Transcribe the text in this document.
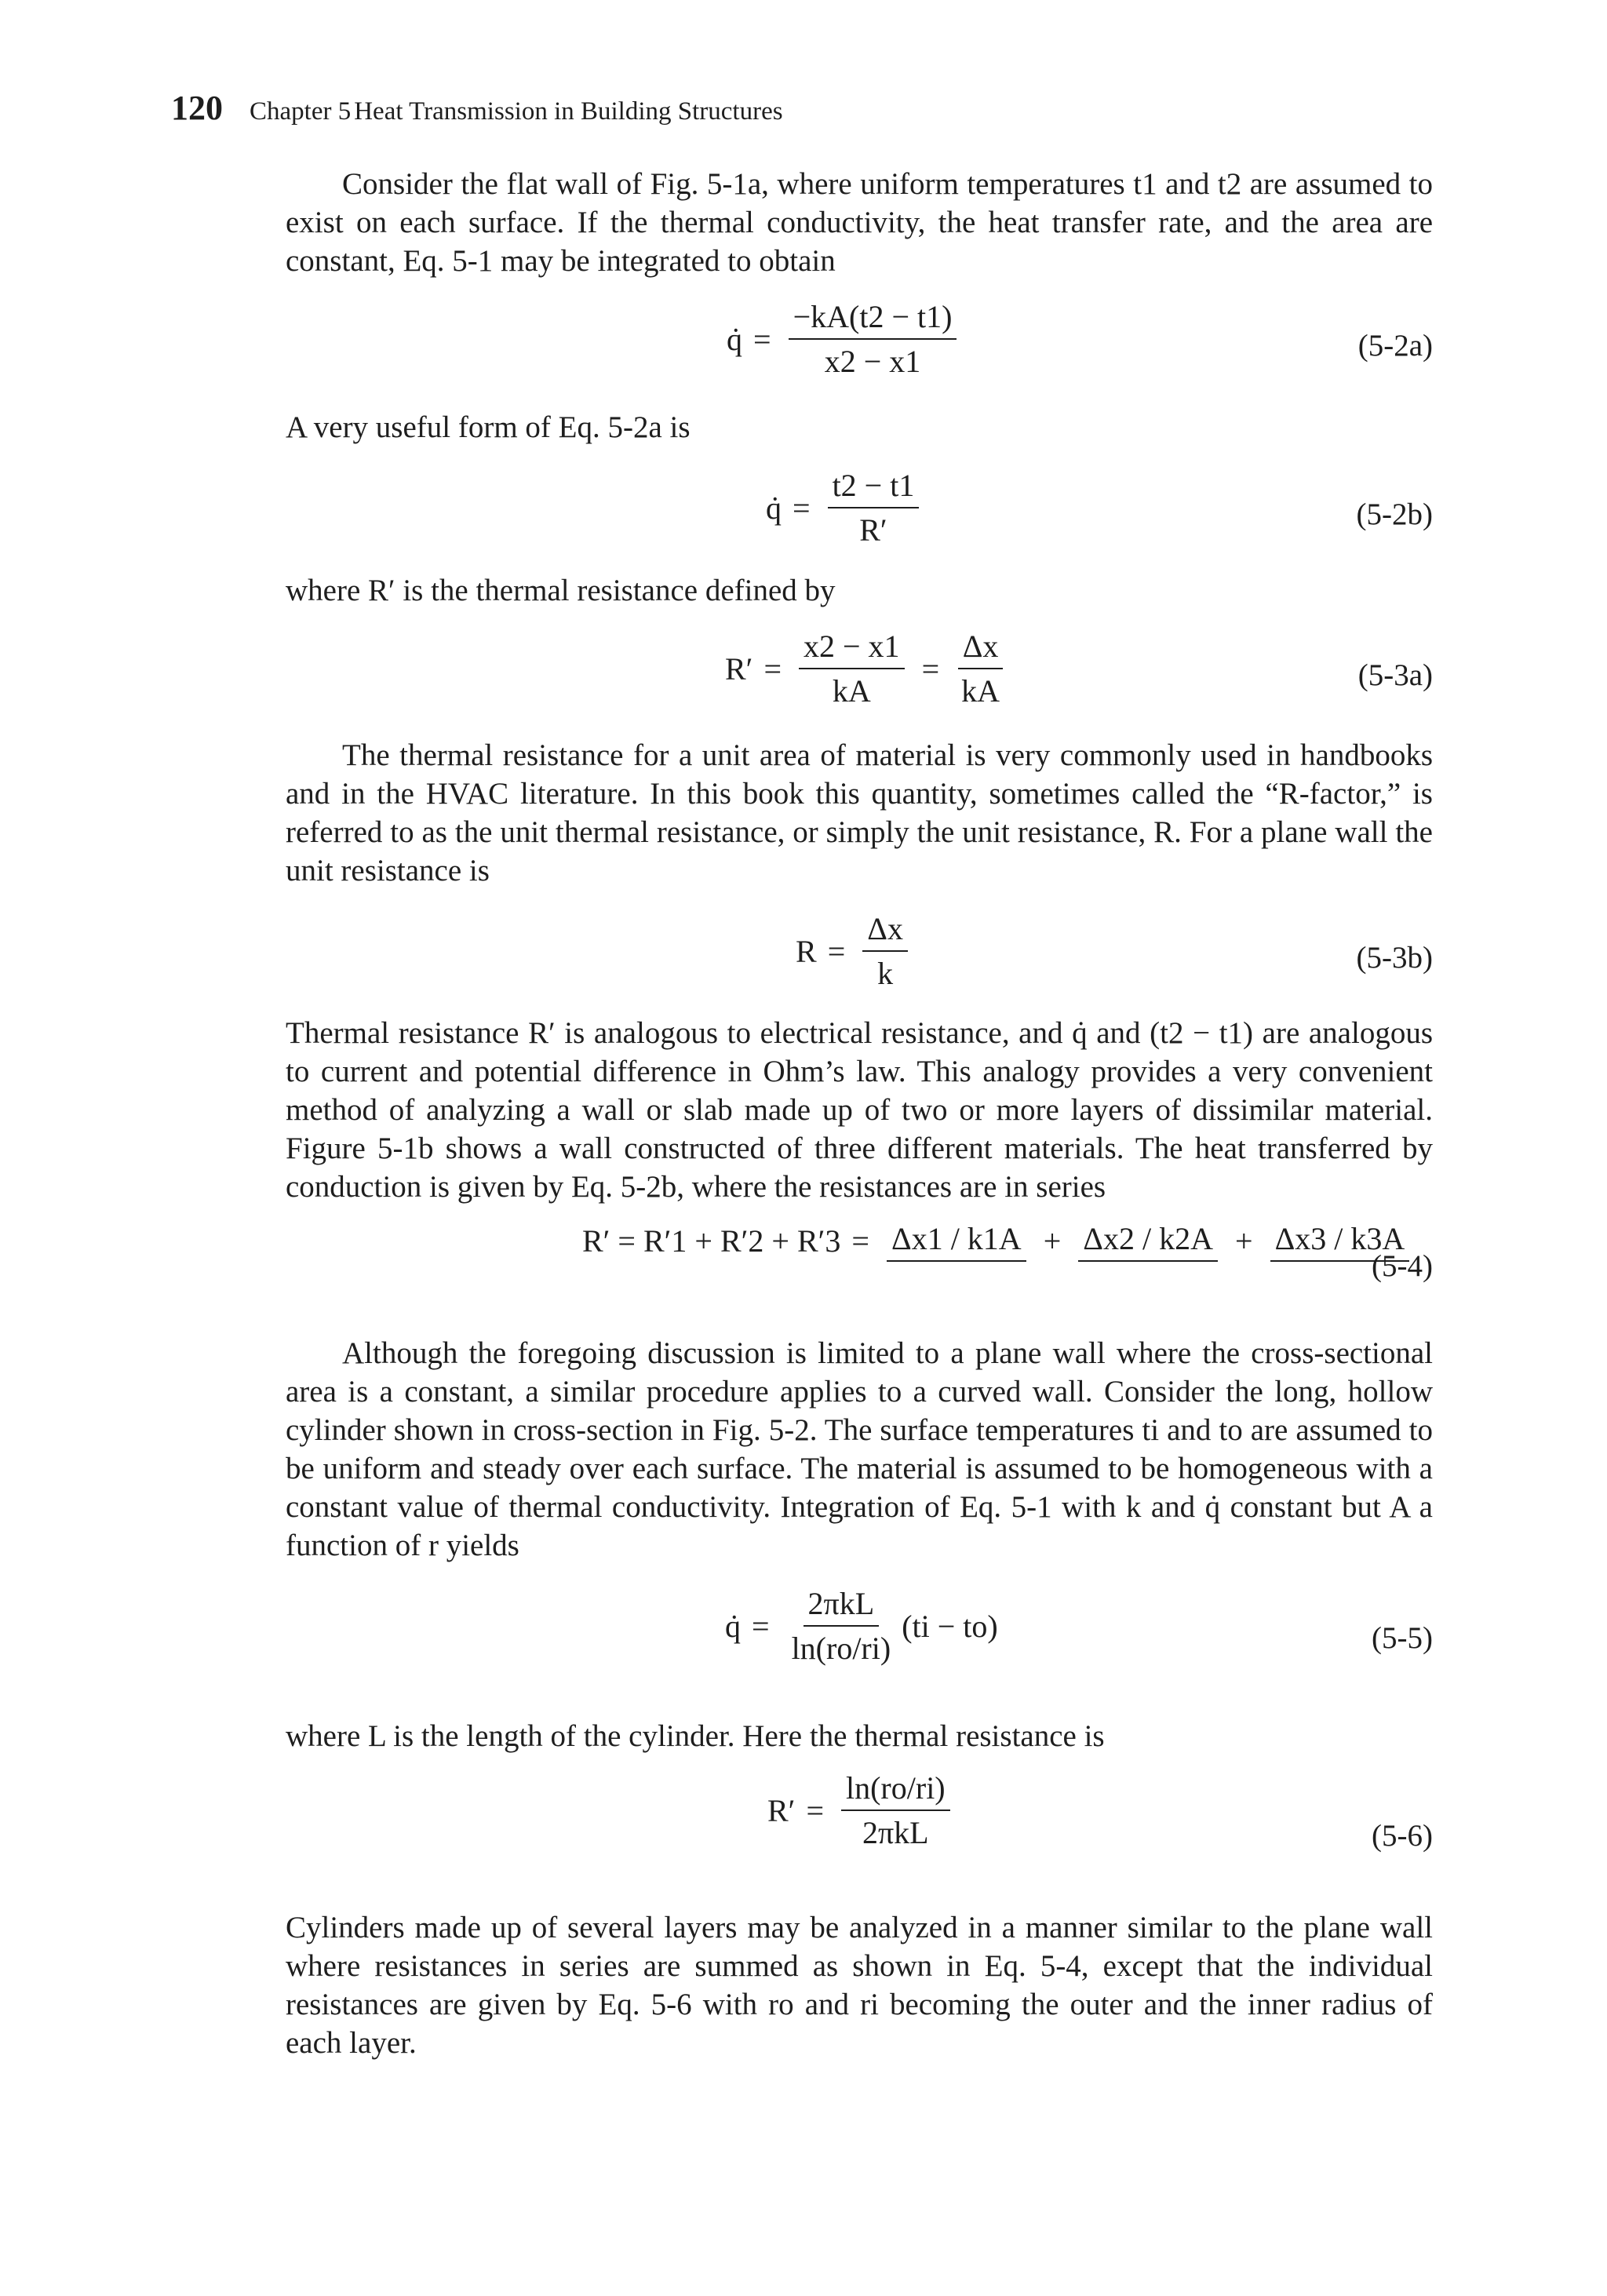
120 Chapter 5 Heat Transmission in Building Structures
Consider the flat wall of Fig. 5-1a, where uniform temperatures t1 and t2 are assumed to exist on each surface. If the thermal conductivity, the heat transfer rate, and the area are constant, Eq. 5-1 may be integrated to obtain
q̇ = $\frac{-kA(t2 - t1)}{x2 - x1}$	(5-2a)
A very useful form of Eq. 5-2a is
q̇ = $\frac{t2 - t1}{R'}$	(5-2b)
where R′ is the thermal resistance defined by
$R' = \frac{x2 - x1}{kA} = \frac{\Delta x}{kA}$	(5-3a)
The thermal resistance for a unit area of material is very commonly used in handbooks and in the HVAC literature. In this book this quantity, sometimes called the “R-factor,” is referred to as the unit thermal resistance, or simply the unit resistance, R. For a plane wall the unit resistance is
$R = \frac{\Delta x}{k}$	(5-3b)
Thermal resistance R′ is analogous to electrical resistance, and q̇ and (t2 − t1) are analogous to current and potential difference in Ohm’s law. This analogy provides a very convenient method of analyzing a wall or slab made up of two or more layers of dissimilar material. Figure 5-1b shows a wall constructed of three different materials. The heat transferred by conduction is given by Eq. 5-2b, where the resistances are in series
R′ = R′1 + R′2 + R′3 = Δx1 / k1A + Δx2 / k2A + Δx3 / k3A
(5-4)
Although the foregoing discussion is limited to a plane wall where the cross-sectional area is a constant, a similar procedure applies to a curved wall. Consider the long, hollow cylinder shown in cross-section in Fig. 5-2. The surface temperatures ti and to are assumed to be uniform and steady over each surface. The material is assumed to be homogeneous with a constant value of thermal conductivity. Integration of Eq. 5-1 with k and q̇ constant but A a function of r yields
q̇ = $\frac{\text{2πkL}}{\ln(ro/ri)} (ti - to)$	(5-5)
where L is the length of the cylinder. Here the thermal resistance is
$R' = \frac{\ln(ro/ri)}{\text{2πkL}}$	(5-6)
Cylinders made up of several layers may be analyzed in a manner similar to the plane wall where resistances in series are summed as shown in Eq. 5-4, except that the individual resistances are given by Eq. 5-6 with ro and ri becoming the outer and the inner radius of each layer.
